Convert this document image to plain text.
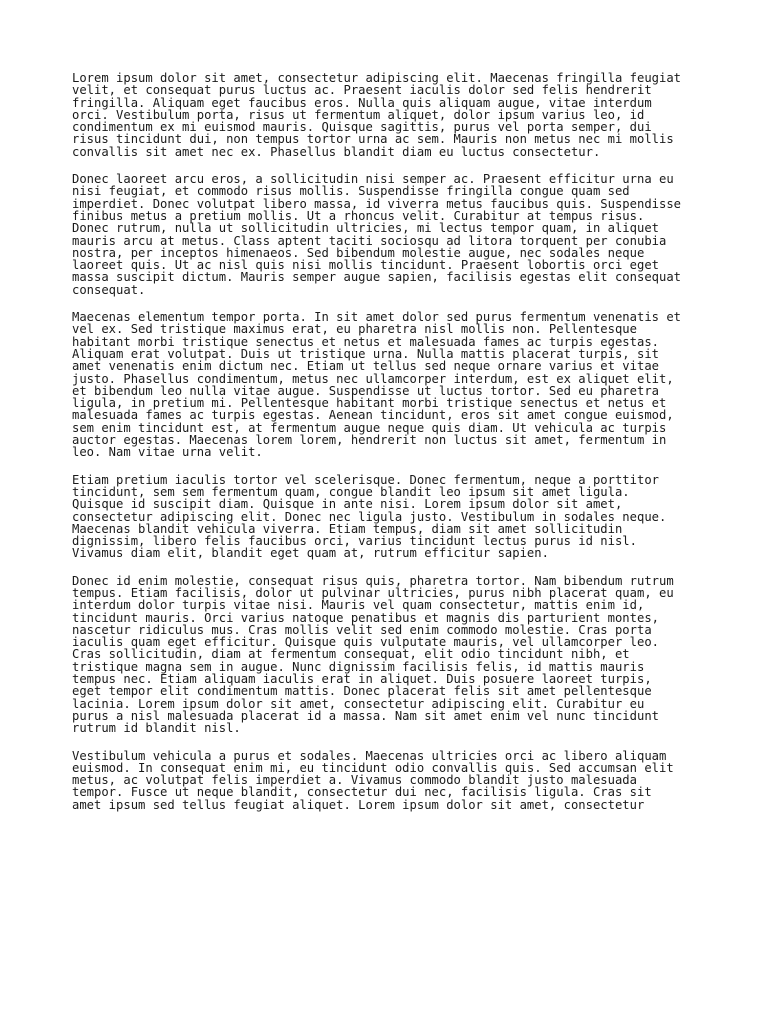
Lorem ipsum dolor sit amet, consectetur adipiscing elit. Maecenas fringilla feugiat
velit, et consequat purus luctus ac. Praesent iaculis dolor sed felis hendrerit
fringilla. Aliquam eget faucibus eros. Nulla quis aliquam augue, vitae interdum
orci. Vestibulum porta, risus ut fermentum aliquet, dolor ipsum varius leo, id
condimentum ex mi euismod mauris. Quisque sagittis, purus vel porta semper, dui
risus tincidunt dui, non tempus tortor urna ac sem. Mauris non metus nec mi mollis
convallis sit amet nec ex. Phasellus blandit diam eu luctus consectetur.

Donec laoreet arcu eros, a sollicitudin nisi semper ac. Praesent efficitur urna eu
nisi feugiat, et commodo risus mollis. Suspendisse fringilla congue quam sed
imperdiet. Donec volutpat libero massa, id viverra metus faucibus quis. Suspendisse
finibus metus a pretium mollis. Ut a rhoncus velit. Curabitur at tempus risus.
Donec rutrum, nulla ut sollicitudin ultricies, mi lectus tempor quam, in aliquet
mauris arcu at metus. Class aptent taciti sociosqu ad litora torquent per conubia
nostra, per inceptos himenaeos. Sed bibendum molestie augue, nec sodales neque
laoreet quis. Ut ac nisl quis nisi mollis tincidunt. Praesent lobortis orci eget
massa suscipit dictum. Mauris semper augue sapien, facilisis egestas elit consequat
consequat.

Maecenas elementum tempor porta. In sit amet dolor sed purus fermentum venenatis et
vel ex. Sed tristique maximus erat, eu pharetra nisl mollis non. Pellentesque
habitant morbi tristique senectus et netus et malesuada fames ac turpis egestas.
Aliquam erat volutpat. Duis ut tristique urna. Nulla mattis placerat turpis, sit
amet venenatis enim dictum nec. Etiam ut tellus sed neque ornare varius et vitae
justo. Phasellus condimentum, metus nec ullamcorper interdum, est ex aliquet elit,
et bibendum leo nulla vitae augue. Suspendisse ut luctus tortor. Sed eu pharetra
ligula, in pretium mi. Pellentesque habitant morbi tristique senectus et netus et
malesuada fames ac turpis egestas. Aenean tincidunt, eros sit amet congue euismod,
sem enim tincidunt est, at fermentum augue neque quis diam. Ut vehicula ac turpis
auctor egestas. Maecenas lorem lorem, hendrerit non luctus sit amet, fermentum in
leo. Nam vitae urna velit.

Etiam pretium iaculis tortor vel scelerisque. Donec fermentum, neque a porttitor
tincidunt, sem sem fermentum quam, congue blandit leo ipsum sit amet ligula.
Quisque id suscipit diam. Quisque in ante nisi. Lorem ipsum dolor sit amet,
consectetur adipiscing elit. Donec nec ligula justo. Vestibulum in sodales neque.
Maecenas blandit vehicula viverra. Etiam tempus, diam sit amet sollicitudin
dignissim, libero felis faucibus orci, varius tincidunt lectus purus id nisl.
Vivamus diam elit, blandit eget quam at, rutrum efficitur sapien.

Donec id enim molestie, consequat risus quis, pharetra tortor. Nam bibendum rutrum
tempus. Etiam facilisis, dolor ut pulvinar ultricies, purus nibh placerat quam, eu
interdum dolor turpis vitae nisi. Mauris vel quam consectetur, mattis enim id,
tincidunt mauris. Orci varius natoque penatibus et magnis dis parturient montes,
nascetur ridiculus mus. Cras mollis velit sed enim commodo molestie. Cras porta
iaculis quam eget efficitur. Quisque quis vulputate mauris, vel ullamcorper leo.
Cras sollicitudin, diam at fermentum consequat, elit odio tincidunt nibh, et
tristique magna sem in augue. Nunc dignissim facilisis felis, id mattis mauris
tempus nec. Etiam aliquam iaculis erat in aliquet. Duis posuere laoreet turpis,
eget tempor elit condimentum mattis. Donec placerat felis sit amet pellentesque
lacinia. Lorem ipsum dolor sit amet, consectetur adipiscing elit. Curabitur eu
purus a nisl malesuada placerat id a massa. Nam sit amet enim vel nunc tincidunt
rutrum id blandit nisl.

Vestibulum vehicula a purus et sodales. Maecenas ultricies orci ac libero aliquam
euismod. In consequat enim mi, eu tincidunt odio convallis quis. Sed accumsan elit
metus, ac volutpat felis imperdiet a. Vivamus commodo blandit justo malesuada
tempor. Fusce ut neque blandit, consectetur dui nec, facilisis ligula. Cras sit
amet ipsum sed tellus feugiat aliquet. Lorem ipsum dolor sit amet, consectetur
